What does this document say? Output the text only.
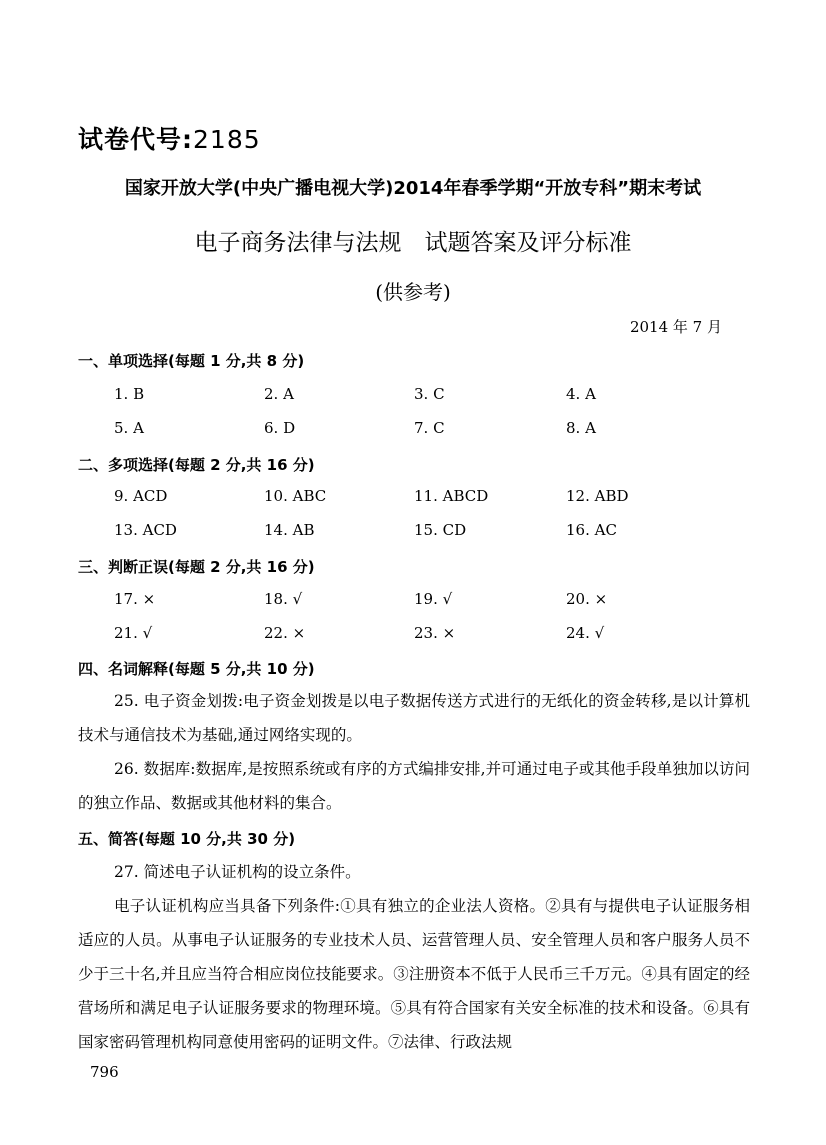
试卷代号:2185
国家开放大学(中央广播电视大学)2014年春季学期“开放专科”期末考试
电子商务法律与法规　试题答案及评分标准
(供参考)
2014 年 7 月
一、单项选择(每题 1 分,共 8 分)
1. B	2. A	3. C	4. A
5. A	6. D	7. C	8. A
二、多项选择(每题 2 分,共 16 分)
9. ACD	10. ABC	11. ABCD	12. ABD
13. ACD	14. AB	15. CD	16. AC
三、判断正误(每题 2 分,共 16 分)
17. ×	18. √	19. √	20. ×
21. √	22. ×	23. ×	24. √
四、名词解释(每题 5 分,共 10 分)
25. 电子资金划拨:电子资金划拨是以电子数据传送方式进行的无纸化的资金转移,是以计算机技术与通信技术为基础,通过网络实现的。
26. 数据库:数据库,是按照系统或有序的方式编排安排,并可通过电子或其他手段单独加以访问的独立作品、数据或其他材料的集合。
五、简答(每题 10 分,共 30 分)
27. 简述电子认证机构的设立条件。
电子认证机构应当具备下列条件:①具有独立的企业法人资格。②具有与提供电子认证服务相适应的人员。从事电子认证服务的专业技术人员、运营管理人员、安全管理人员和客户服务人员不少于三十名,并且应当符合相应岗位技能要求。③注册资本不低于人民币三千万元。④具有固定的经营场所和满足电子认证服务要求的物理环境。⑤具有符合国家有关安全标准的技术和设备。⑥具有国家密码管理机构同意使用密码的证明文件。⑦法律、行政法规
796
